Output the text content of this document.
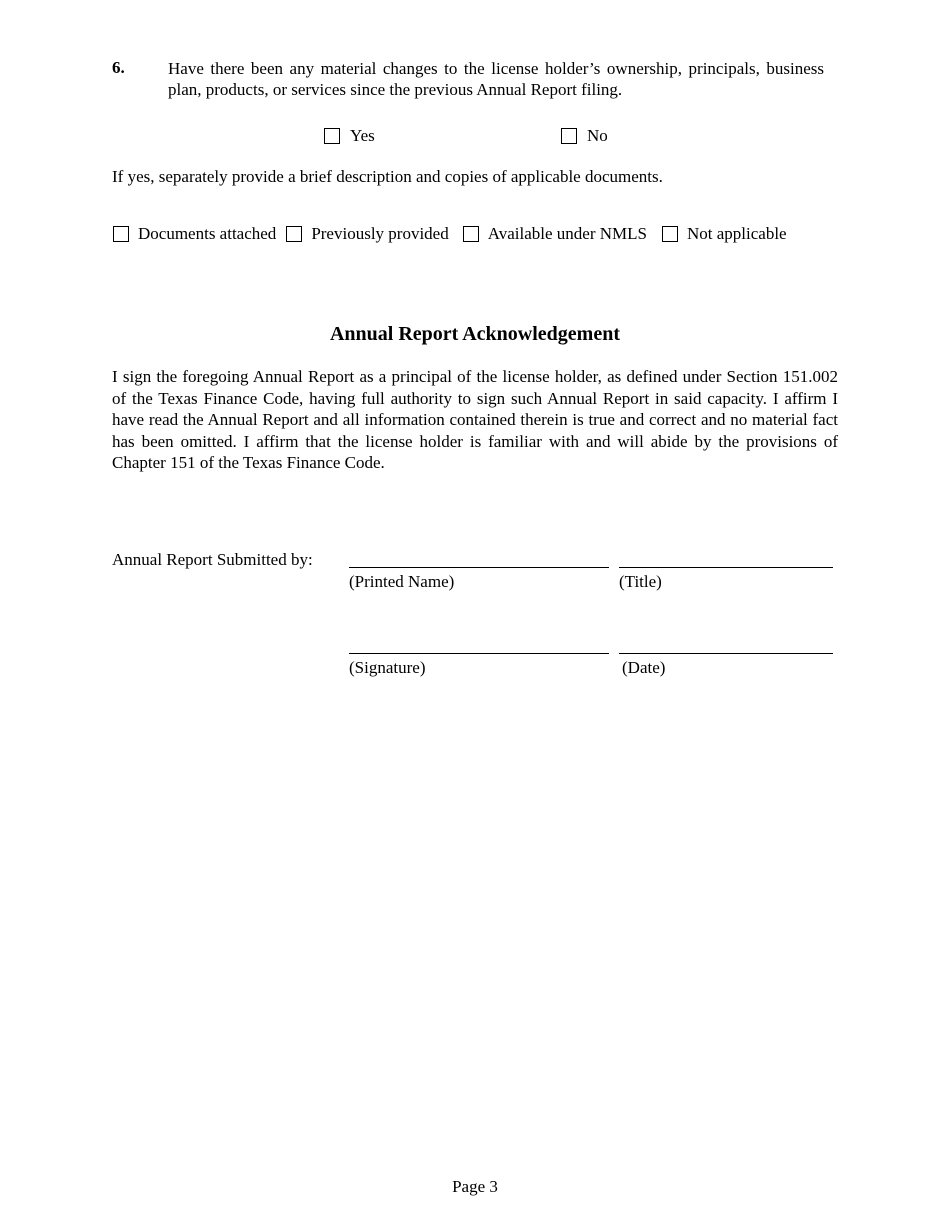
6.	Have there been any material changes to the license holder’s ownership, principals, business plan, products, or services since the previous Annual Report filing.
Yes	No
If yes, separately provide a brief description and copies of applicable documents.
Documents attached Previously provided Available under NMLS Not applicable
Annual Report Acknowledgement
I sign the foregoing Annual Report as a principal of the license holder, as defined under Section 151.002 of the Texas Finance Code, having full authority to sign such Annual Report in said capacity. I affirm I have read the Annual Report and all information contained therein is true and correct and no material fact has been omitted. I affirm that the license holder is familiar with and will abide by the provisions of Chapter 151 of the Texas Finance Code.
Annual Report Submitted by:
(Printed Name)	(Title)
(Signature)	(Date)
Page 3
